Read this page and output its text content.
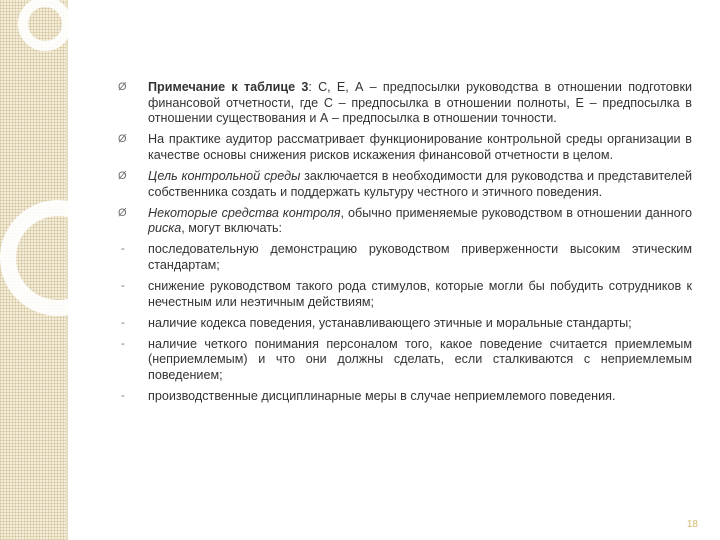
Ø	Примечание к таблице 3: С, Е, А – предпосылки руководства в отношении подготовки финансовой отчетности, где С – предпосылка в отношении полноты, Е – предпосылка в отношении существования и А – предпосылка в отношении точности.
Ø	На практике аудитор рассматривает функционирование контрольной среды организации в качестве основы снижения рисков искажения финансовой отчетности в целом.
Ø	Цель контрольной среды заключается в необходимости для руководства и представителей собственника создать и поддержать культуру честного и этичного поведения.
Ø	Некоторые средства контроля, обычно применяемые руководством в отношении данного риска, могут включать:
-	последовательную демонстрацию руководством приверженности высоким этическим стандартам;
-	снижение руководством такого рода стимулов, которые могли бы побудить сотрудников к нечестным или неэтичным действиям;
-	наличие кодекса поведения, устанавливающего этичные и моральные стандарты;
-	наличие четкого понимания персоналом того, какое поведение считается приемлемым (неприемлемым) и что они должны сделать, если сталкиваются с неприемлемым поведением;
-	производственные дисциплинарные меры в случае неприемлемого поведения.
18
